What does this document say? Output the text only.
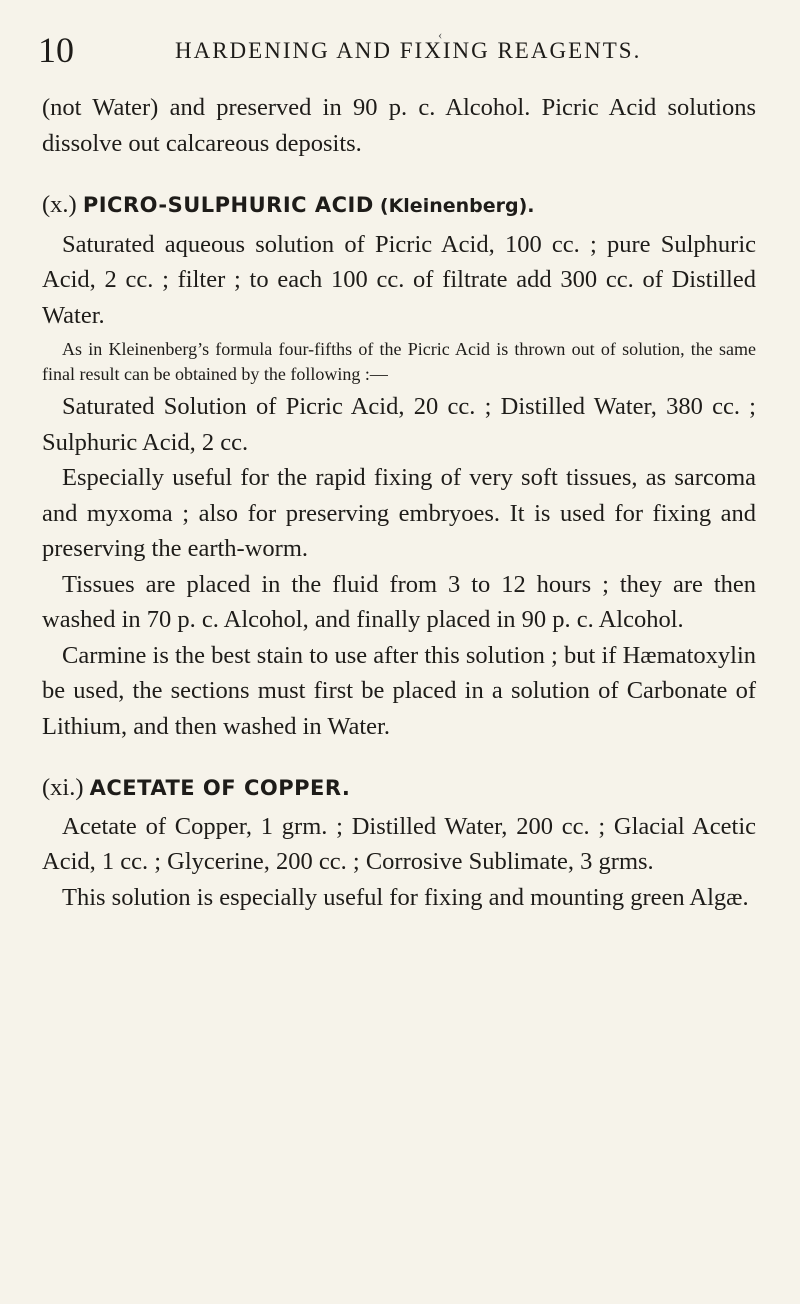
10	‹
HARDENING AND FIXING REAGENTS.

(not Water) and preserved in 90 p. c. Alcohol. Picric Acid solutions dissolve out calcareous deposits.

(x.) PICRO-SULPHURIC ACID (Kleinenberg).

Saturated aqueous solution of Picric Acid, 100 cc. ; pure Sulphuric Acid, 2 cc. ; filter ; to each 100 cc. of filtrate add 300 cc. of Distilled Water.

As in Kleinenberg’s formula four-fifths of the Picric Acid is thrown out of solution, the same final result can be obtained by the following :—

Saturated Solution of Picric Acid, 20 cc. ; Distilled Water, 380 cc. ; Sulphuric Acid, 2 cc.

Especially useful for the rapid fixing of very soft tissues, as sarcoma and myxoma ; also for preserving embryoes. It is used for fixing and preserving the earth-worm.

Tissues are placed in the fluid from 3 to 12 hours ; they are then washed in 70 p. c. Alcohol, and finally placed in 90 p. c. Alcohol.

Carmine is the best stain to use after this solution ; but if Hæmatoxylin be used, the sections must first be placed in a solution of Carbonate of Lithium, and then washed in Water.

(xi.) ACETATE OF COPPER.

Acetate of Copper, 1 grm. ; Distilled Water, 200 cc. ; Glacial Acetic Acid, 1 cc. ; Glycerine, 200 cc. ; Corrosive Sublimate, 3 grms.

This solution is especially useful for fixing and mounting green Algæ.
